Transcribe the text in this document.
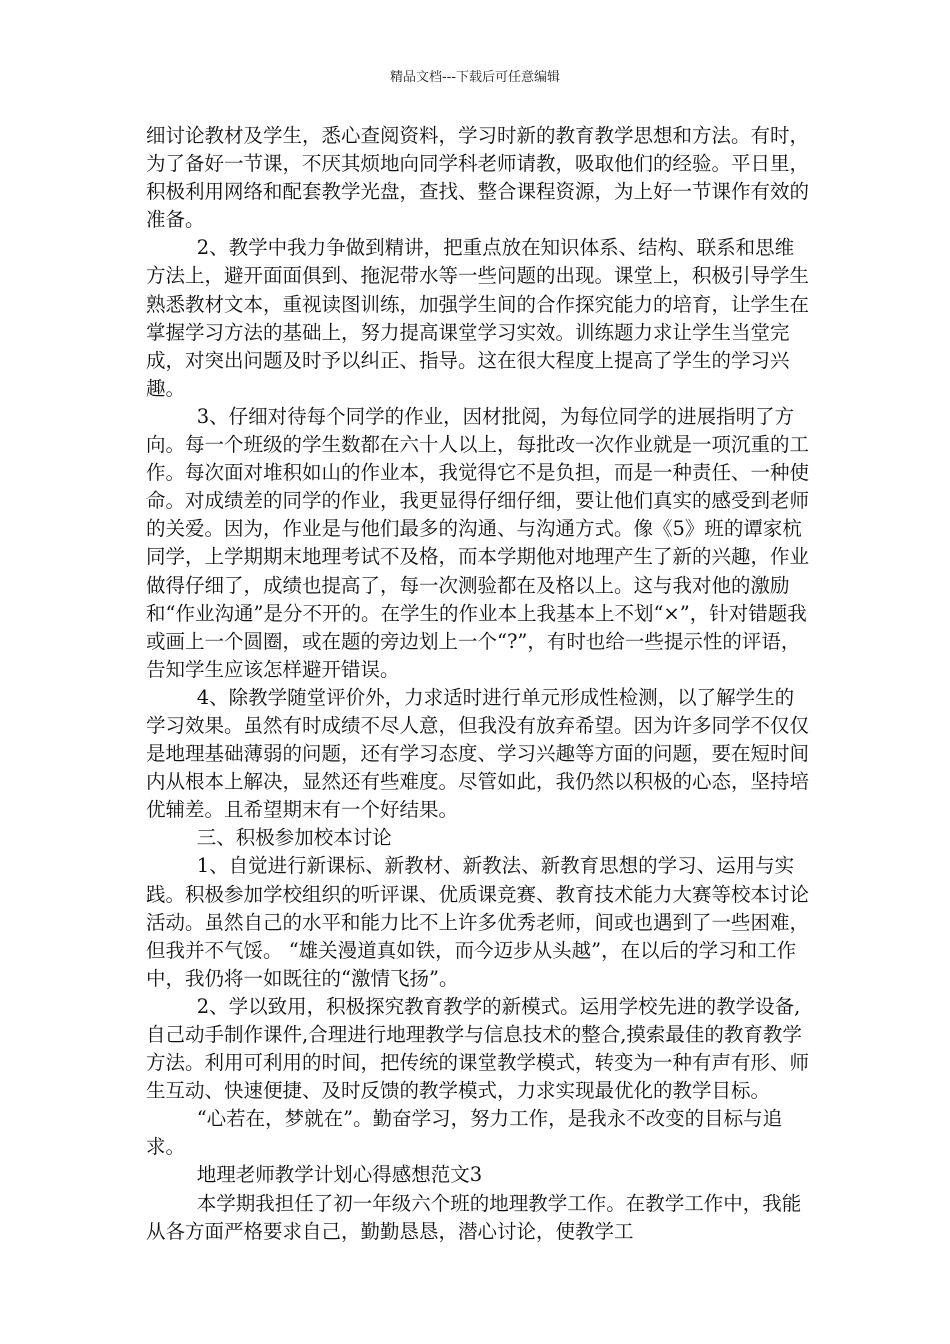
精品文档---下载后可任意编辑

细讨论教材及学生，悉心查阅资料，学习时新的教育教学思想和方法。有时，为了备好一节课，不厌其烦地向同学科老师请教，吸取他们的经验。平日里，积极利用网络和配套教学光盘，查找、整合课程资源，为上好一节课作有效的准备。

2、教学中我力争做到精讲，把重点放在知识体系、结构、联系和思维方法上，避开面面俱到、拖泥带水等一些问题的出现。课堂上，积极引导学生熟悉教材文本，重视读图训练，加强学生间的合作探究能力的培育，让学生在掌握学习方法的基础上，努力提高课堂学习实效。训练题力求让学生当堂完成，对突出问题及时予以纠正、指导。这在很大程度上提高了学生的学习兴趣。

3、仔细对待每个同学的作业，因材批阅，为每位同学的进展指明了方向。每一个班级的学生数都在六十人以上，每批改一次作业就是一项沉重的工作。每次面对堆积如山的作业本，我觉得它不是负担，而是一种责任、一种使命。对成绩差的同学的作业，我更显得仔细仔细，要让他们真实的感受到老师的关爱。因为，作业是与他们最多的沟通、与沟通方式。像《5》班的谭家杭同学，上学期期末地理考试不及格，而本学期他对地理产生了新的兴趣，作业做得仔细了，成绩也提高了，每一次测验都在及格以上。这与我对他的激励和“作业沟通”是分不开的。在学生的作业本上我基本上不划“×”，针对错题我或画上一个圆圈，或在题的旁边划上一个“?”，有时也给一些提示性的评语，告知学生应该怎样避开错误。

4、除教学随堂评价外，力求适时进行单元形成性检测，以了解学生的学习效果。虽然有时成绩不尽人意，但我没有放弃希望。因为许多同学不仅仅是地理基础薄弱的问题，还有学习态度、学习兴趣等方面的问题，要在短时间内从根本上解决，显然还有些难度。尽管如此，我仍然以积极的心态，坚持培优辅差。且希望期末有一个好结果。

三、积极参加校本讨论

1、自觉进行新课标、新教材、新教法、新教育思想的学习、运用与实践。积极参加学校组织的听评课、优质课竞赛、教育技术能力大赛等校本讨论活动。虽然自己的水平和能力比不上许多优秀老师，间或也遇到了一些困难，但我并不气馁。 “雄关漫道真如铁，而今迈步从头越”，在以后的学习和工作中，我仍将一如既往的“激情飞扬”。

2、学以致用，积极探究教育教学的新模式。运用学校先进的教学设备,自己动手制作课件,合理进行地理教学与信息技术的整合,摸索最佳的教育教学方法。利用可利用的时间，把传统的课堂教学模式，转变为一种有声有形、师生互动、快速便捷、及时反馈的教学模式，力求实现最优化的教学目标。

“心若在，梦就在”。勤奋学习，努力工作，是我永不改变的目标与追求。

地理老师教学计划心得感想范文3

本学期我担任了初一年级六个班的地理教学工作。在教学工作中，我能从各方面严格要求自己，勤勤恳恳，潜心讨论，使教学工
